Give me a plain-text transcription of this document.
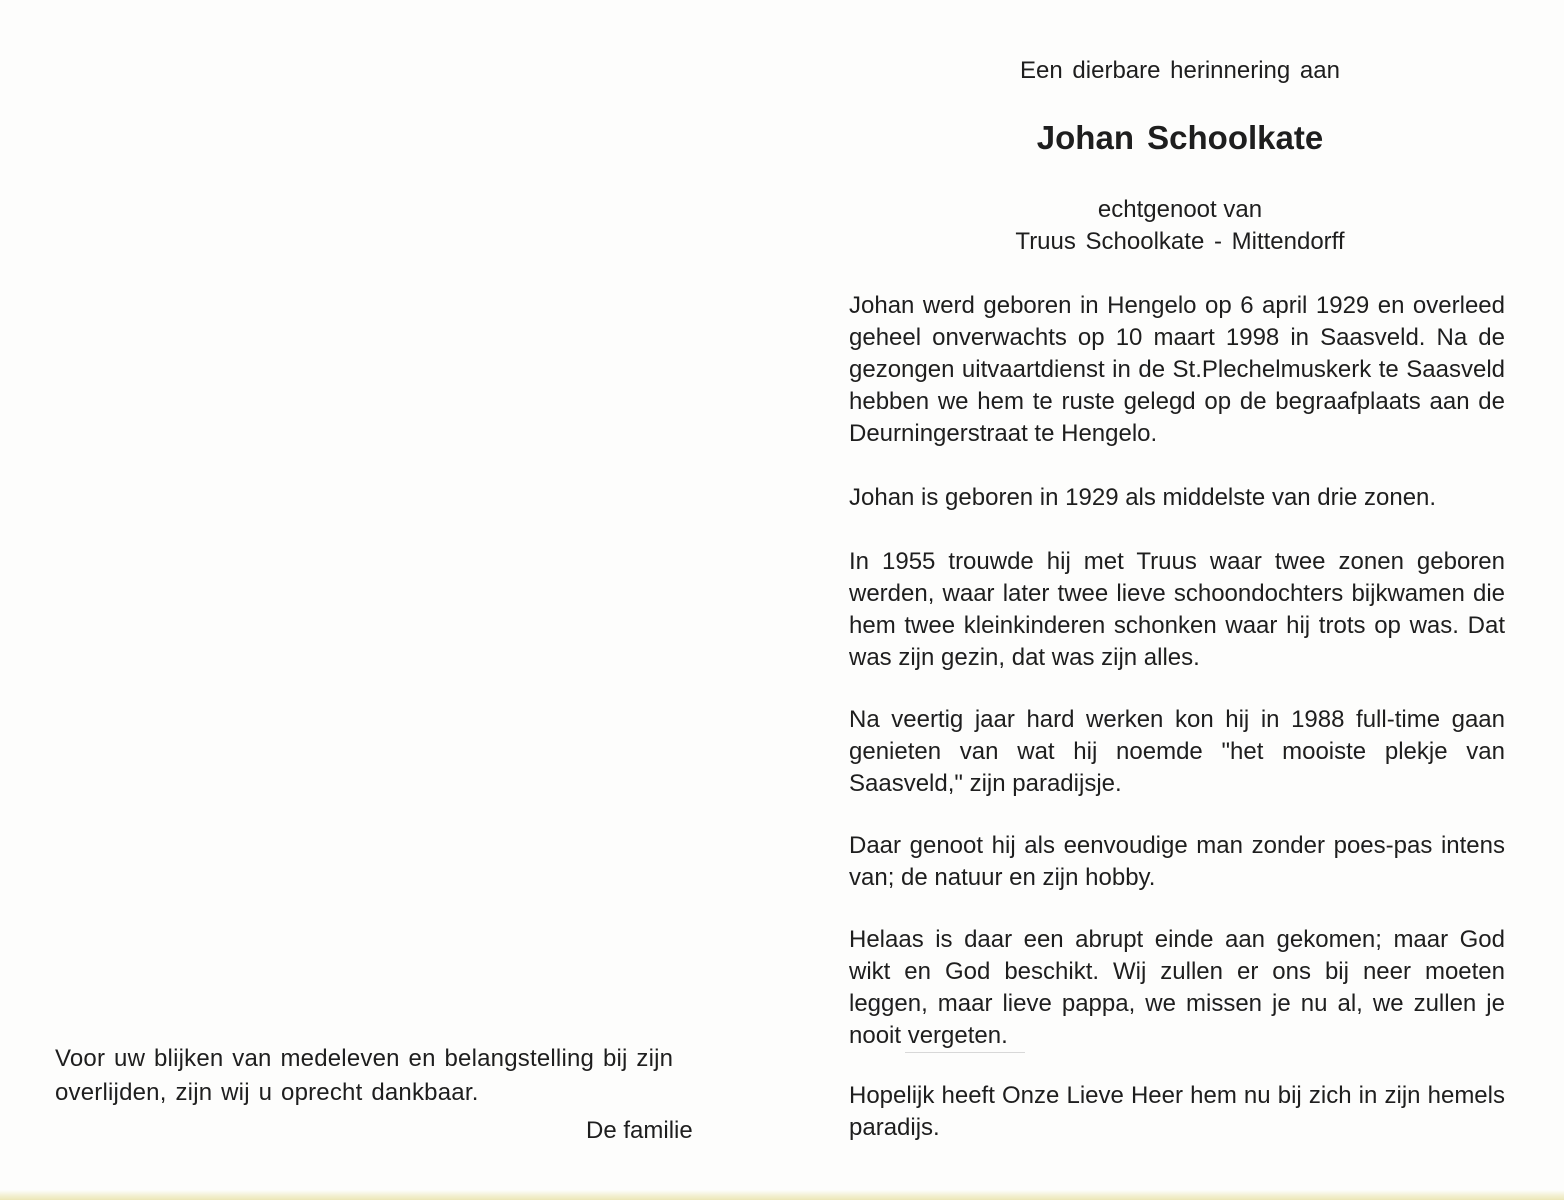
Voor uw blijken van medeleven en belangstelling bij zijn overlijden, zijn wij u oprecht dankbaar.

De familie

Een dierbare herinnering aan

Johan Schoolkate

echtgenoot van

Truus Schoolkate - Mittendorff

Johan werd geboren in Hengelo op 6 april 1929 en overleed geheel onverwachts op 10 maart 1998 in Saasveld. Na de gezongen uitvaartdienst in de St.Plechelmuskerk te Saasveld hebben we hem te ruste gelegd op de begraafplaats aan de Deurningerstraat te Hengelo.

Johan is geboren in 1929 als middelste van drie zonen.

In 1955 trouwde hij met Truus waar twee zonen geboren werden, waar later twee lieve schoondochters bijkwamen die hem twee kleinkinderen schonken waar hij trots op was. Dat was zijn gezin, dat was zijn alles.

Na veertig jaar hard werken kon hij in 1988 full-time gaan genieten van wat hij noemde "het mooiste plekje van Saasveld," zijn paradijsje.

Daar genoot hij als eenvoudige man zonder poes-pas intens van; de natuur en zijn hobby.

Helaas is daar een abrupt einde aan gekomen; maar God wikt en God beschikt. Wij zullen er ons bij neer moeten leggen, maar lieve pappa, we missen je nu al, we zullen je nooit vergeten.

Hopelijk heeft Onze Lieve Heer hem nu bij zich in zijn hemels paradijs.
